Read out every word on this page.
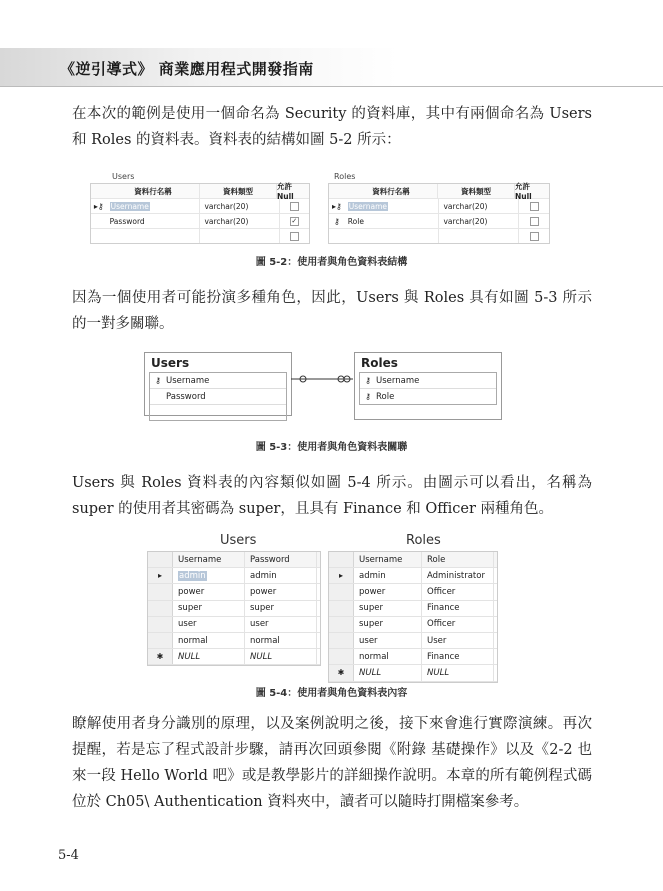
《逆引導式》 商業應用程式開發指南
在本次的範例是使用一個命名為 Security 的資料庫，其中有兩個命名為 Users 和 Roles 的資料表。資料表的結構如圖 5-2 所示：
Users
資料行名稱	資料類型	允許 Null
▸⚷ Username	varchar(20)
Password	varchar(20)	✓
Roles
資料行名稱	資料類型	允許 Null
▸⚷ Username	varchar(20)
⚷	Role	varchar(20)
圖 5-2：使用者與角色資料表結構
因為一個使用者可能扮演多種角色，因此，Users 與 Roles 具有如圖 5-3 所示的一對多關聯。
Users
⚷ Username
Password
Roles
⚷ Username
⚷ Role
圖 5-3：使用者與角色資料表關聯
Users 與 Roles 資料表的內容類似如圖 5-4 所示。由圖示可以看出，名稱為 super 的使用者其密碼為 super，且具有 Finance 和 Officer 兩種角色。
Users	Roles
Username	Password
▸	admin	admin
power	power
super	super
user	user
normal	normal
✱	NULL	NULL
Username	Role
▸	admin	Administrator
power	Officer
super	Finance
super	Officer
user	User
normal	Finance
✱	NULL	NULL
圖 5-4：使用者與角色資料表內容
瞭解使用者身分識別的原理，以及案例說明之後，接下來會進行實際演練。再次提醒，若是忘了程式設計步驟，請再次回頭參閱《附錄 基礎操作》以及《2-2 也來一段 Hello World 吧》或是教學影片的詳細操作說明。本章的所有範例程式碼位於 Ch05\ Authentication 資料夾中，讀者可以隨時打開檔案參考。
5-4
